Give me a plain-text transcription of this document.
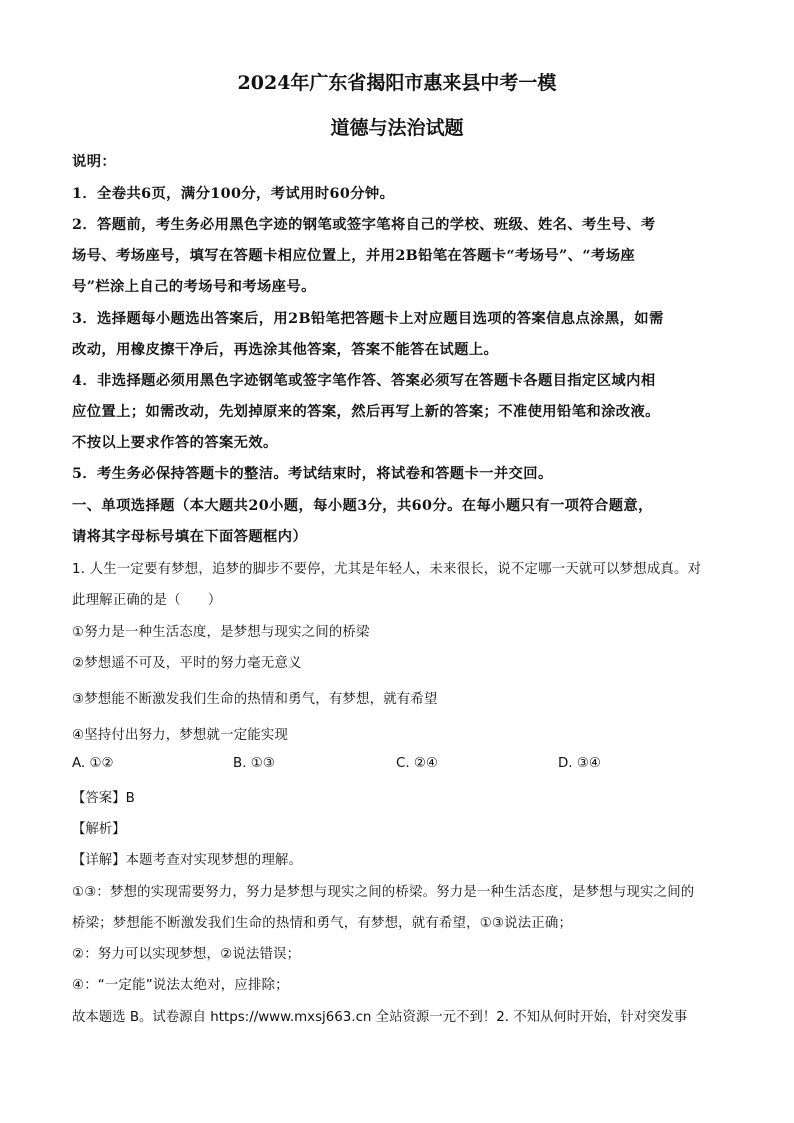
2024年广东省揭阳市惠来县中考一模
道德与法治试题
说明：
1．全卷共6页，满分100分，考试用时60分钟。
2．答题前，考生务必用黑色字迹的钢笔或签字笔将自己的学校、班级、姓名、考生号、考
场号、考场座号，填写在答题卡相应位置上，并用2B铅笔在答题卡“考场号”、“考场座
号”栏涂上自己的考场号和考场座号。
3．选择题每小题选出答案后，用2B铅笔把答题卡上对应题目选项的答案信息点涂黑，如需
改动，用橡皮擦干净后，再选涂其他答案，答案不能答在试题上。
4．非选择题必须用黑色字迹钢笔或签字笔作答、答案必须写在答题卡各题目指定区域内相
应位置上；如需改动，先划掉原来的答案，然后再写上新的答案；不准使用铅笔和涂改液。
不按以上要求作答的答案无效。
5．考生务必保持答题卡的整洁。考试结束时，将试卷和答题卡一并交回。
一、单项选择题（本大题共20小题，每小题3分，共60分。在每小题只有一项符合题意，
请将其字母标号填在下面答题框内）
1. 人生一定要有梦想，追梦的脚步不要停，尤其是年轻人，未来很长，说不定哪一天就可以梦想成真。对
此理解正确的是（　　）
①努力是一种生活态度，是梦想与现实之间的桥梁
②梦想遥不可及，平时的努力毫无意义
③梦想能不断激发我们生命的热情和勇气，有梦想，就有希望
④坚持付出努力，梦想就一定能实现
A. ①②	B. ①③	C. ②④	D. ③④
【答案】B
【解析】
【详解】本题考查对实现梦想的理解。
①③：梦想的实现需要努力，努力是梦想与现实之间的桥梁。努力是一种生活态度，是梦想与现实之间的
桥梁；梦想能不断激发我们生命的热情和勇气，有梦想，就有希望，①③说法正确；
②：努力可以实现梦想，②说法错误；
④：“一定能”说法太绝对，应排除；
故本题选 B。试卷源自 https://www.mxsj663.cn 全站资源一元不到！2. 不知从何时开始，针对突发事
